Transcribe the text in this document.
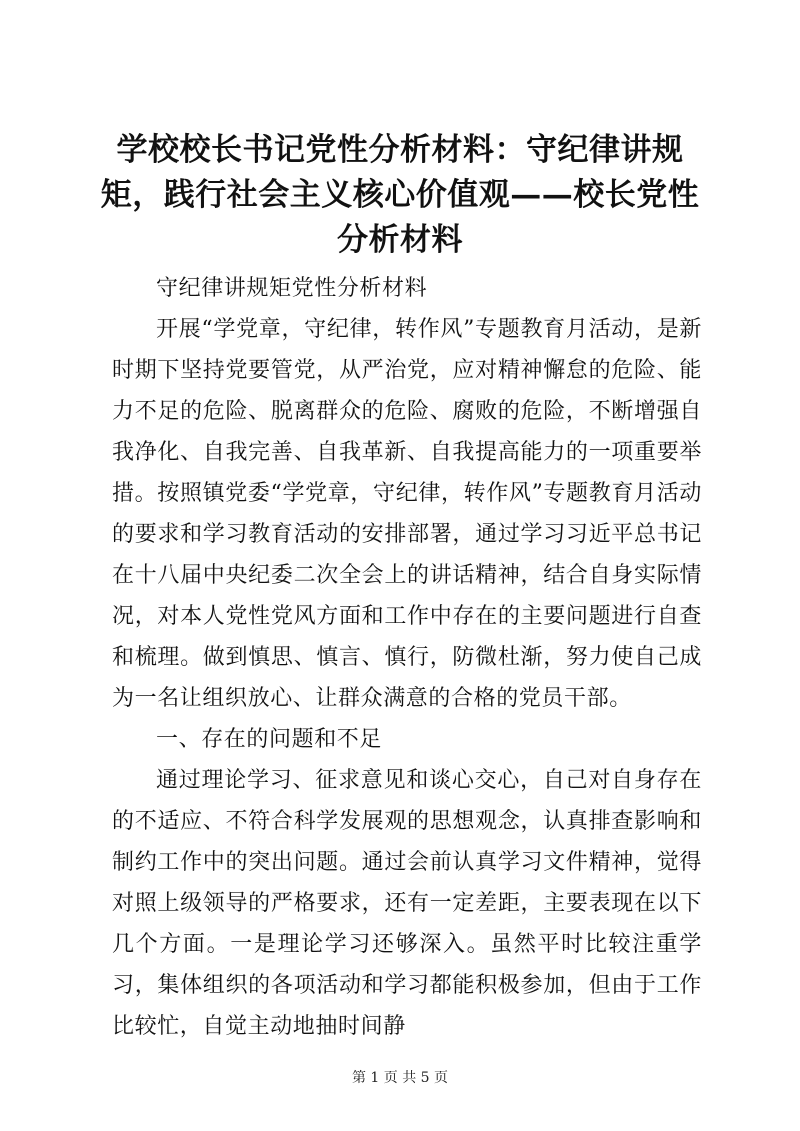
学校校长书记党性分析材料：守纪律讲规矩，践行社会主义核心价值观——校长党性分析材料

守纪律讲规矩党性分析材料

开展“学党章，守纪律，转作风”专题教育月活动，是新时期下坚持党要管党，从严治党，应对精神懈怠的危险、能力不足的危险、脱离群众的危险、腐败的危险，不断增强自我净化、自我完善、自我革新、自我提高能力的一项重要举措。按照镇党委“学党章，守纪律，转作风”专题教育月活动的要求和学习教育活动的安排部署，通过学习习近平总书记在十八届中央纪委二次全会上的讲话精神，结合自身实际情况，对本人党性党风方面和工作中存在的主要问题进行自查和梳理。做到慎思、慎言、慎行，防微杜渐，努力使自己成为一名让组织放心、让群众满意的合格的党员干部。

一、存在的问题和不足

通过理论学习、征求意见和谈心交心，自己对自身存在的不适应、不符合科学发展观的思想观念，认真排查影响和制约工作中的突出问题。通过会前认真学习文件精神，觉得对照上级领导的严格要求，还有一定差距，主要表现在以下几个方面。一是理论学习还够深入。虽然平时比较注重学习，集体组织的各项活动和学习都能积极参加，但由于工作比较忙，自觉主动地抽时间静

第 1 页 共 5 页
